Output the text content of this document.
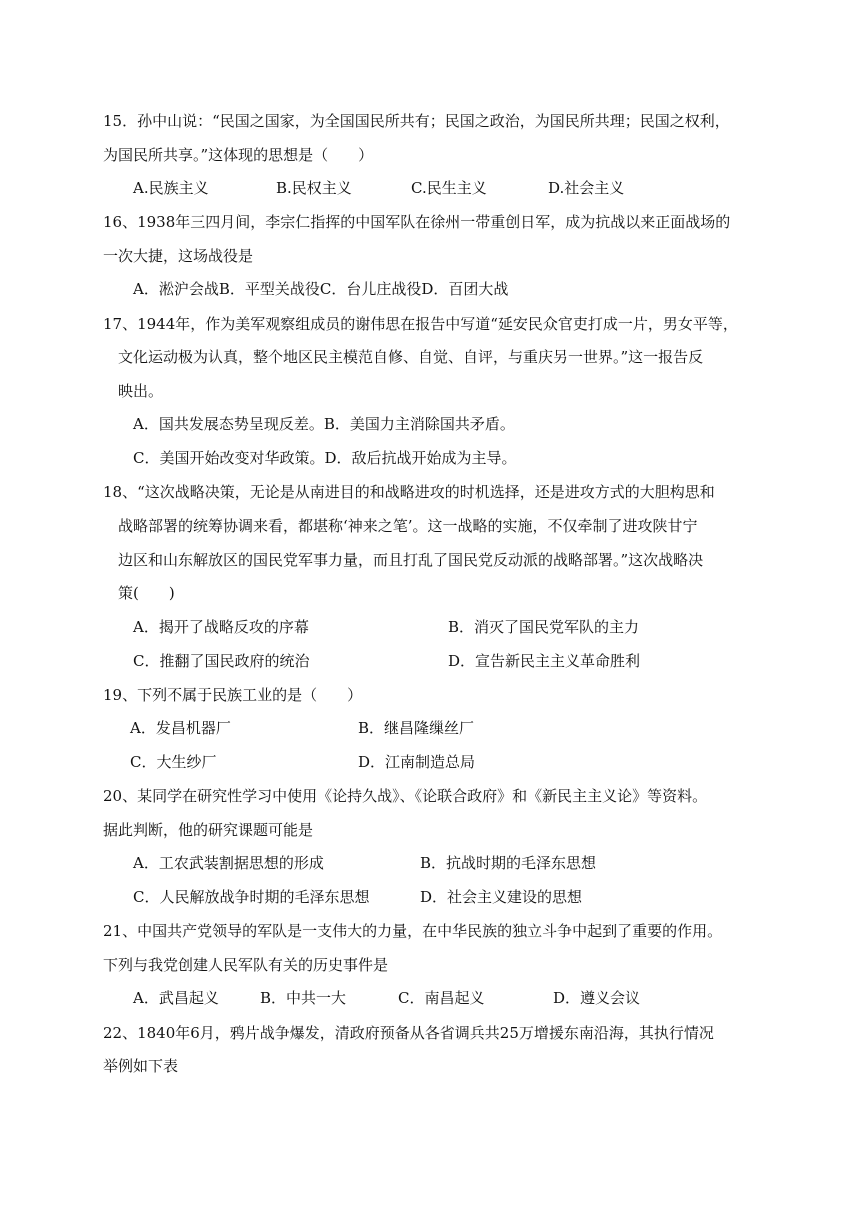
15．孙中山说：“民国之国家，为全国国民所共有；民国之政治，为国民所共理；民国之权利，
为国民所共享。”这体现的思想是（　　）
A.民族主义	B.民权主义	C.民生主义	D.社会主义
16、1938年三四月间，李宗仁指挥的中国军队在徐州一带重创日军，成为抗战以来正面战场的
一次大捷，这场战役是
A．淞沪会战B．平型关战役C．台儿庄战役D．百团大战
17、1944年，作为美军观察组成员的谢伟思在报告中写道“延安民众官吏打成一片，男女平等，
文化运动极为认真，整个地区民主模范自修、自觉、自评，与重庆另一世界。”这一报告反
映出。
A．国共发展态势呈现反差。B．美国力主消除国共矛盾。
C．美国开始改变对华政策。D．敌后抗战开始成为主导。
18、“这次战略决策，无论是从南进目的和战略进攻的时机选择，还是进攻方式的大胆构思和
战略部署的统筹协调来看，都堪称‘神来之笔’。这一战略的实施，不仅牵制了进攻陕甘宁
边区和山东解放区的国民党军事力量，而且打乱了国民党反动派的战略部署。”这次战略决
策(　　)
A．揭开了战略反攻的序幕	B．消灭了国民党军队的主力
C．推翻了国民政府的统治	D．宣告新民主主义革命胜利
19、下列不属于民族工业的是（　　）
A．发昌机器厂	B．继昌隆缫丝厂
C．大生纱厂	D．江南制造总局
20、某同学在研究性学习中使用《论持久战》、《论联合政府》和《新民主主义论》等资料。
据此判断，他的研究课题可能是
A．工农武装割据思想的形成	B．抗战时期的毛泽东思想
C．人民解放战争时期的毛泽东思想	D．社会主义建设的思想
21、中国共产党领导的军队是一支伟大的力量，在中华民族的独立斗争中起到了重要的作用。
下列与我党创建人民军队有关的历史事件是
A．武昌起义	B．中共一大	C．南昌起义	D．遵义会议
22、1840年6月，鸦片战争爆发，清政府预备从各省调兵共25万增援东南沿海，其执行情况
举例如下表
